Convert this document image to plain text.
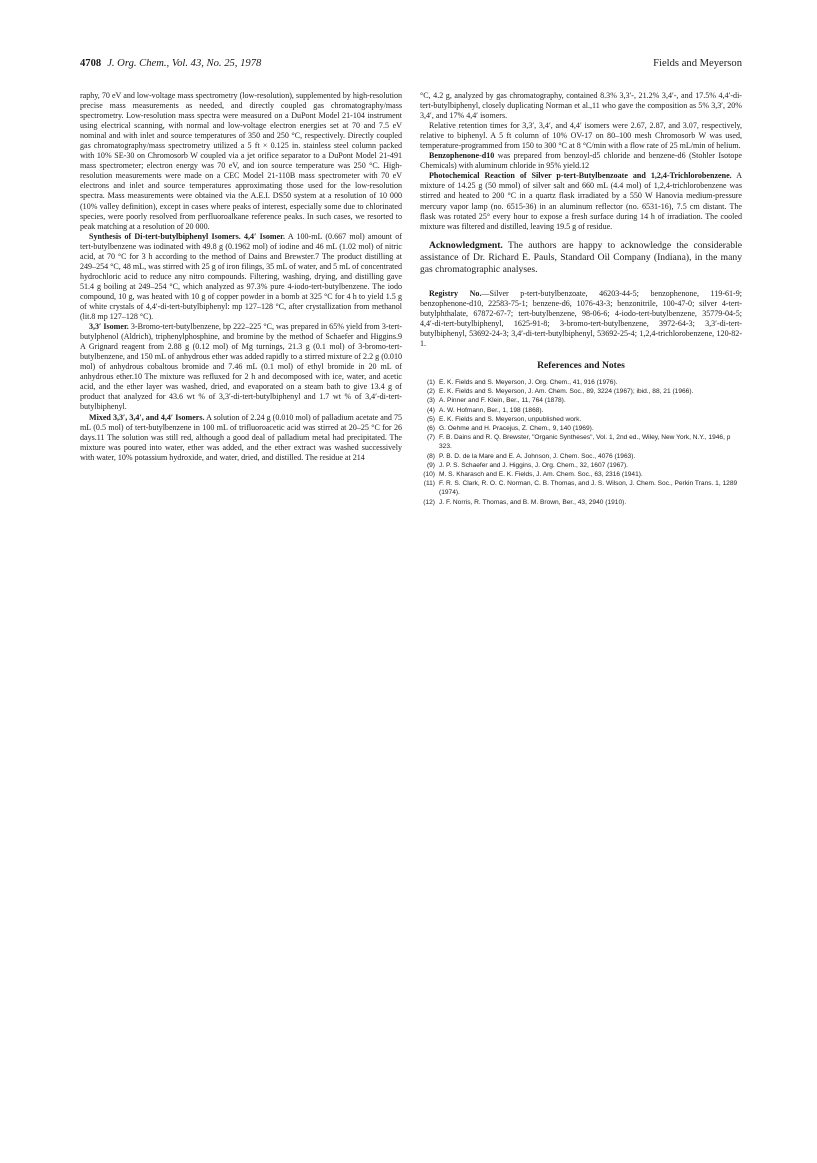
4708 J. Org. Chem., Vol. 43, No. 25, 1978	Fields and Meyerson

raphy, 70 eV and low-voltage mass spectrometry (low-resolution), supplemented by high-resolution precise mass measurements as needed, and directly coupled gas chromatography/mass spectrometry. Low-resolution mass spectra were measured on a DuPont Model 21-104 instrument using electrical scanning, with normal and low-voltage electron energies set at 70 and 7.5 eV nominal and with inlet and source temperatures of 350 and 250 °C, respectively. Directly coupled gas chromatography/mass spectrometry utilized a 5 ft × 0.125 in. stainless steel column packed with 10% SE-30 on Chromosorb W coupled via a jet orifice separator to a DuPont Model 21-491 mass spectrometer; electron energy was 70 eV, and ion source temperature was 250 °C. High-resolution measurements were made on a CEC Model 21-110B mass spectrometer with 70 eV electrons and inlet and source temperatures approximating those used for the low-resolution spectra. Mass measurements were obtained via the A.E.I. DS50 system at a resolution of 10 000 (10% valley definition), except in cases where peaks of interest, especially some due to chlorinated species, were poorly resolved from perfluoroalkane reference peaks. In such cases, we resorted to peak matching at a resolution of 20 000.

Synthesis of Di-tert-butylbiphenyl Isomers. 4,4′ Isomer. A 100-mL (0.667 mol) amount of tert-butylbenzene was iodinated with 49.8 g (0.1962 mol) of iodine and 46 mL (1.02 mol) of nitric acid, at 70 °C for 3 h according to the method of Dains and Brewster.7 The product distilling at 249–254 °C, 48 mL, was stirred with 25 g of iron filings, 35 mL of water, and 5 mL of concentrated hydrochloric acid to reduce any nitro compounds. Filtering, washing, drying, and distilling gave 51.4 g boiling at 249–254 °C, which analyzed as 97.3% pure 4-iodo-tert-butylbenzene. The iodo compound, 10 g, was heated with 10 g of copper powder in a bomb at 325 °C for 4 h to yield 1.5 g of white crystals of 4,4′-di-tert-butylbiphenyl: mp 127–128 °C, after crystallization from methanol (lit.8 mp 127–128 °C).

3,3′ Isomer. 3-Bromo-tert-butylbenzene, bp 222–225 °C, was prepared in 65% yield from 3-tert-butylphenol (Aldrich), triphenylphosphine, and bromine by the method of Schaefer and Higgins.9 A Grignard reagent from 2.88 g (0.12 mol) of Mg turnings, 21.3 g (0.1 mol) of 3-bromo-tert-butylbenzene, and 150 mL of anhydrous ether was added rapidly to a stirred mixture of 2.2 g (0.010 mol) of anhydrous cobaltous bromide and 7.46 mL (0.1 mol) of ethyl bromide in 20 mL of anhydrous ether.10 The mixture was refluxed for 2 h and decomposed with ice, water, and acetic acid, and the ether layer was washed, dried, and evaporated on a steam bath to give 13.4 g of product that analyzed for 43.6 wt % of 3,3′-di-tert-butylbiphenyl and 1.7 wt % of 3,4′-di-tert-butylbiphenyl.

Mixed 3,3′, 3,4′, and 4,4′ Isomers. A solution of 2.24 g (0.010 mol) of palladium acetate and 75 mL (0.5 mol) of tert-butylbenzene in 100 mL of trifluoroacetic acid was stirred at 20–25 °C for 26 days.11 The solution was still red, although a good deal of palladium metal had precipitated. The mixture was poured into water, ether was added, and the ether extract was washed successively with water, 10% potassium hydroxide, and water, dried, and distilled. The residue at 214

°C, 4.2 g, analyzed by gas chromatography, contained 8.3% 3,3′-, 21.2% 3,4′-, and 17.5% 4,4′-di-tert-butylbiphenyl, closely duplicating Norman et al.,11 who gave the composition as 5% 3,3′, 20% 3,4′, and 17% 4,4′ isomers.

Relative retention times for 3,3′, 3,4′, and 4,4′ isomers were 2.67, 2.87, and 3.07, respectively, relative to biphenyl. A 5 ft column of 10% OV-17 on 80–100 mesh Chromosorb W was used, temperature-programmed from 150 to 300 °C at 8 °C/min with a flow rate of 25 mL/min of helium.

Benzophenone-d10 was prepared from benzoyl-d5 chloride and benzene-d6 (Stohler Isotope Chemicals) with aluminum chloride in 95% yield.12

Photochemical Reaction of Silver p-tert-Butylbenzoate and 1,2,4-Trichlorobenzene. A mixture of 14.25 g (50 mmol) of silver salt and 660 mL (4.4 mol) of 1,2,4-trichlorobenzene was stirred and heated to 200 °C in a quartz flask irradiated by a 550 W Hanovia medium-pressure mercury vapor lamp (no. 6515-36) in an aluminum reflector (no. 6531-16), 7.5 cm distant. The flask was rotated 25° every hour to expose a fresh surface during 14 h of irradiation. The cooled mixture was filtered and distilled, leaving 19.5 g of residue.

Acknowledgment. The authors are happy to acknowledge the considerable assistance of Dr. Richard E. Pauls, Standard Oil Company (Indiana), in the many gas chromatographic analyses.

Registry No.—Silver p-tert-butylbenzoate, 46203-44-5; benzophenone, 119-61-9; benzophenone-d10, 22583-75-1; benzene-d6, 1076-43-3; benzonitrile, 100-47-0; silver 4-tert-butylphthalate, 67872-67-7; tert-butylbenzene, 98-06-6; 4-iodo-tert-butylbenzene, 35779-04-5; 4,4′-di-tert-butylbiphenyl, 1625-91-8; 3-bromo-tert-butylbenzene, 3972-64-3; 3,3′-di-tert-butylbiphenyl, 53692-24-3; 3,4′-di-tert-butylbiphenyl, 53692-25-4; 1,2,4-trichlorobenzene, 120-82-1.

References and Notes
(1) E. K. Fields and S. Meyerson, J. Org. Chem., 41, 916 (1976).
(2) E. K. Fields and S. Meyerson, J. Am. Chem. Soc., 89, 3224 (1967); ibid., 88, 21 (1966).
(3) A. Pinner and F. Klein, Ber., 11, 764 (1878).
(4) A. W. Hofmann, Ber., 1, 198 (1868).
(5) E. K. Fields and S. Meyerson, unpublished work.
(6) G. Oehme and H. Pracejus, Z. Chem., 9, 140 (1969).
(7) F. B. Dains and R. Q. Brewster, "Organic Syntheses", Vol. 1, 2nd ed., Wiley, New York, N.Y., 1946, p 323.
(8) P. B. D. de la Mare and E. A. Johnson, J. Chem. Soc., 4076 (1963).
(9) J. P. S. Schaefer and J. Higgins, J. Org. Chem., 32, 1607 (1967).
(10) M. S. Kharasch and E. K. Fields, J. Am. Chem. Soc., 63, 2316 (1941).
(11) F. R. S. Clark, R. O. C. Norman, C. B. Thomas, and J. S. Wilson, J. Chem. Soc., Perkin Trans. 1, 1289 (1974).
(12) J. F. Norris, R. Thomas, and B. M. Brown, Ber., 43, 2940 (1910).
